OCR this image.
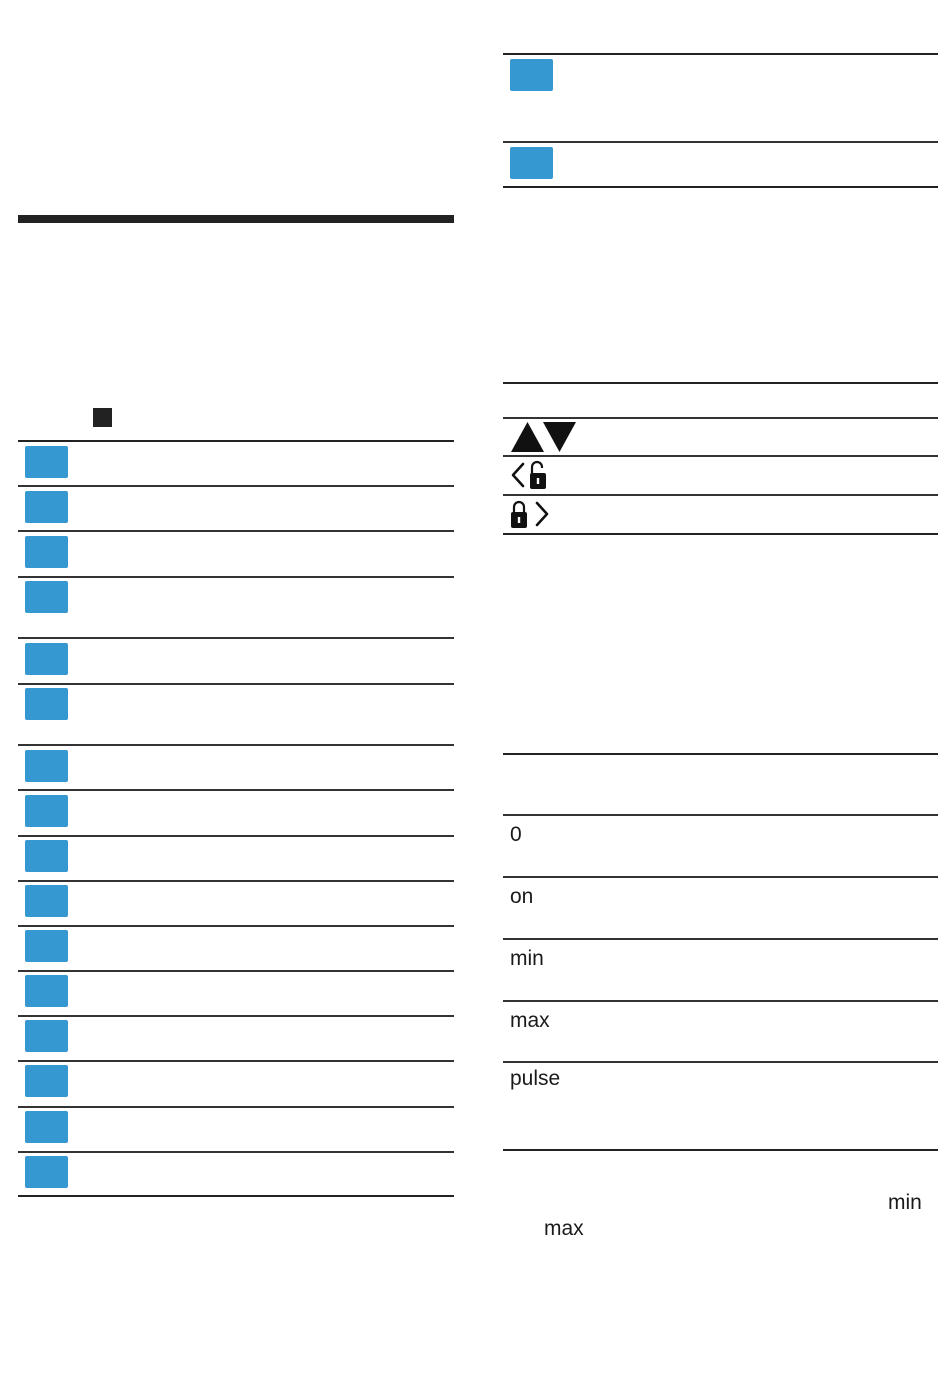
0
on
min
max
pulse
min
max
